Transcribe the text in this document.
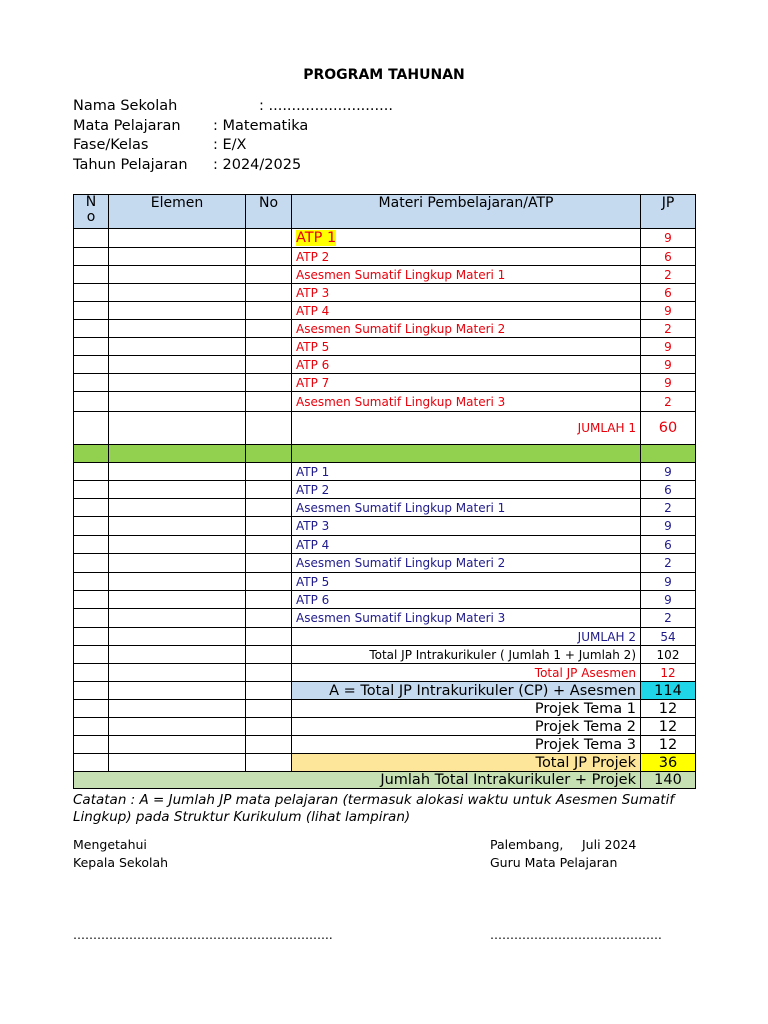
PROGRAM TAHUNAN
Nama Sekolah	: ...........................
Mata Pelajaran : Matematika
Fase/Kelas	: E/X
Tahun Pelajaran : 2024/2025
N
o	Elemen	No	Materi Pembelajaran/ATP	JP
			ATP 1	9
			ATP 2	6
			Asesmen Sumatif Lingkup Materi 1	2
			ATP 3	6
			ATP 4	9
			Asesmen Sumatif Lingkup Materi 2	2
			ATP 5	9
			ATP 6	9
			ATP 7	9
			Asesmen Sumatif Lingkup Materi 3	2
			JUMLAH 1	60

			ATP 1	9
			ATP 2	6
			Asesmen Sumatif Lingkup Materi 1	2
			ATP 3	9
			ATP 4	6
			Asesmen Sumatif Lingkup Materi 2	2
			ATP 5	9
			ATP 6	9
			Asesmen Sumatif Lingkup Materi 3	2
			JUMLAH 2	54
			Total JP Intrakurikuler ( Jumlah 1 + Jumlah 2)	102
			Total JP Asesmen	12
			A = Total JP Intrakurikuler (CP) + Asesmen	114
			Projek Tema 1	12
			Projek Tema 2	12
			Projek Tema 3	12
			Total JP Projek	36
Jumlah Total Intrakurikuler + Projek				140
Catatan : A = Jumlah JP mata pelajaran (termasuk alokasi waktu untuk Asesmen Sumatif Lingkup) pada Struktur Kurikulum (lihat lampiran)
Mengetahui
Kepala Sekolah
………………………………………………………..
Palembang, Juli 2024
Guru Mata Pelajaran
…………………………………….
